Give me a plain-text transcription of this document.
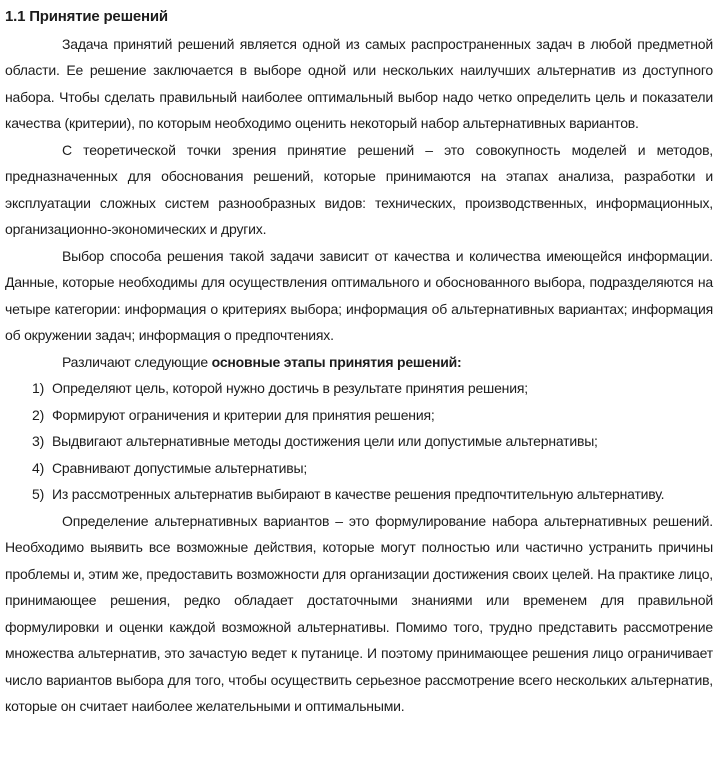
1.1 Принятие решений

Задача принятий решений является одной из самых распространенных задач в любой предметной области. Ее решение заключается в выборе одной или нескольких наилучших альтернатив из доступного набора. Чтобы сделать правильный наиболее оптимальный выбор надо четко определить цель и показатели качества (критерии), по которым необходимо оценить некоторый набор альтернативных вариантов.

С теоретической точки зрения принятие решений – это совокупность моделей и методов, предназначенных для обоснования решений, которые принимаются на этапах анализа, разработки и эксплуатации сложных систем разнообразных видов: технических, производственных, информационных, организационно-экономических и других.

Выбор способа решения такой задачи зависит от качества и количества имеющейся информации. Данные, которые необходимы для осуществления оптимального и обоснованного выбора, подразделяются на четыре категории: информация о критериях выбора; информация об альтернативных вариантах; информация об окружении задач; информация о предпочтениях.

Различают следующие основные этапы принятия решений:

1) Определяют цель, которой нужно достичь в результате принятия решения;
2) Формируют ограничения и критерии для принятия решения;
3) Выдвигают альтернативные методы достижения цели или допустимые альтернативы;
4) Сравнивают допустимые альтернативы;
5) Из рассмотренных альтернатив выбирают в качестве решения предпочтительную альтернативу.

Определение альтернативных вариантов – это формулирование набора альтернативных решений. Необходимо выявить все возможные действия, которые могут полностью или частично устранить причины проблемы и, этим же, предоставить возможности для организации достижения своих целей. На практике лицо, принимающее решения, редко обладает достаточными знаниями или временем для правильной формулировки и оценки каждой возможной альтернативы. Помимо того, трудно представить рассмотрение множества альтернатив, это зачастую ведет к путанице. И поэтому принимающее решения лицо ограничивает число вариантов выбора для того, чтобы осуществить серьезное рассмотрение всего нескольких альтернатив, которые он считает наиболее желательными и оптимальными.
